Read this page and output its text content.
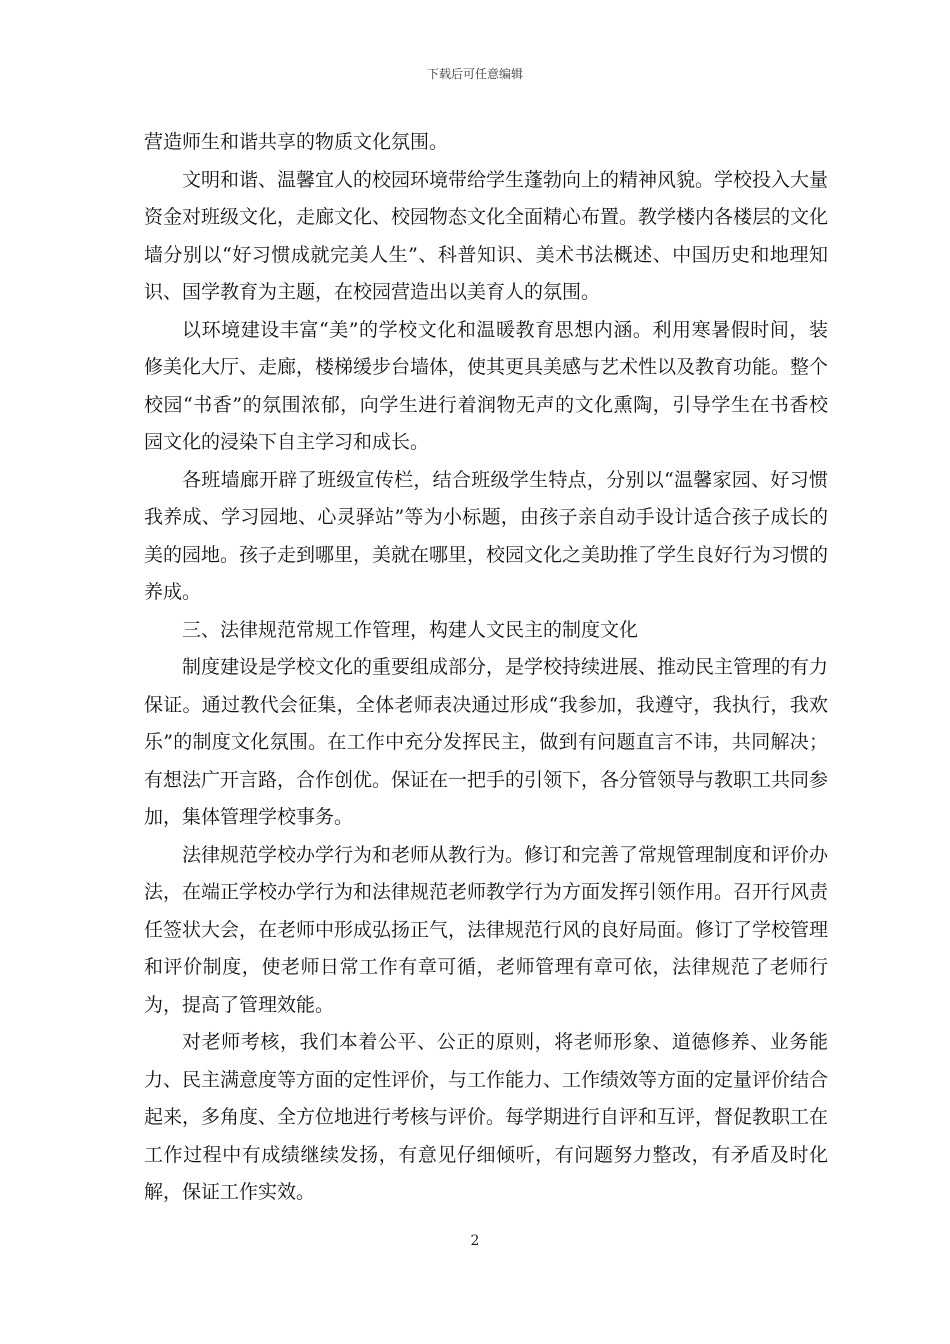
下载后可任意编辑

营造师生和谐共享的物质文化氛围。

文明和谐、温馨宜人的校园环境带给学生蓬勃向上的精神风貌。学校投入大量资金对班级文化，走廊文化、校园物态文化全面精心布置。教学楼内各楼层的文化墙分别以“好习惯成就完美人生”、科普知识、美术书法概述、中国历史和地理知识、国学教育为主题，在校园营造出以美育人的氛围。

以环境建设丰富“美”的学校文化和温暖教育思想内涵。利用寒暑假时间，装修美化大厅、走廊，楼梯缓步台墙体，使其更具美感与艺术性以及教育功能。整个校园“书香”的氛围浓郁，向学生进行着润物无声的文化熏陶，引导学生在书香校园文化的浸染下自主学习和成长。

各班墙廊开辟了班级宣传栏，结合班级学生特点，分别以“温馨家园、好习惯我养成、学习园地、心灵驿站”等为小标题，由孩子亲自动手设计适合孩子成长的美的园地。孩子走到哪里，美就在哪里，校园文化之美助推了学生良好行为习惯的养成。

三、法律规范常规工作管理，构建人文民主的制度文化

制度建设是学校文化的重要组成部分，是学校持续进展、推动民主管理的有力保证。通过教代会征集，全体老师表决通过形成“我参加，我遵守，我执行，我欢乐”的制度文化氛围。在工作中充分发挥民主，做到有问题直言不讳，共同解决；有想法广开言路，合作创优。保证在一把手的引领下，各分管领导与教职工共同参加，集体管理学校事务。

法律规范学校办学行为和老师从教行为。修订和完善了常规管理制度和评价办法，在端正学校办学行为和法律规范老师教学行为方面发挥引领作用。召开行风责任签状大会，在老师中形成弘扬正气，法律规范行风的良好局面。修订了学校管理和评价制度，使老师日常工作有章可循，老师管理有章可依，法律规范了老师行为，提高了管理效能。

对老师考核，我们本着公平、公正的原则，将老师形象、道德修养、业务能力、民主满意度等方面的定性评价，与工作能力、工作绩效等方面的定量评价结合起来，多角度、全方位地进行考核与评价。每学期进行自评和互评，督促教职工在工作过程中有成绩继续发扬，有意见仔细倾听，有问题努力整改，有矛盾及时化解，保证工作实效。

2
